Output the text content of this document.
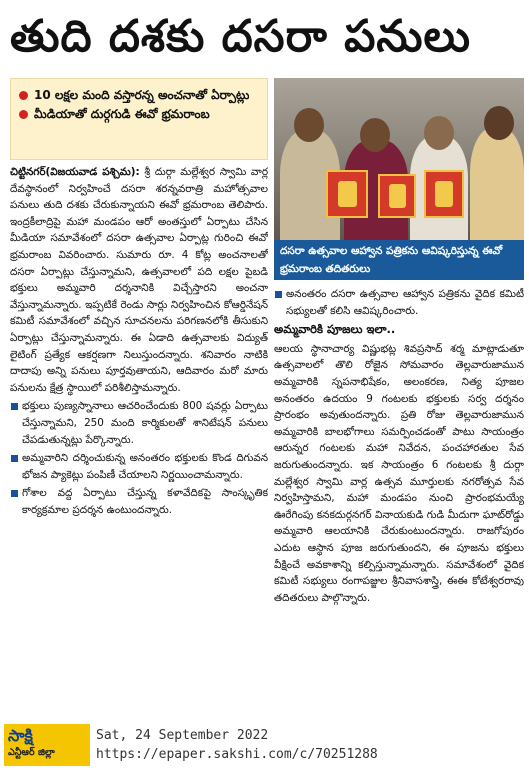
తుది దశకు దసరా పనులు
10 లక్షల మంది వస్తారన్న అంచనాతో ఏర్పాట్లు
మీడియాతో దుర్గగుడి ఈవో భ్రమరాంబ

చిట్టినగర్(విజయవాడ పశ్చిమ): శ్రీ దుర్గా మల్లేశ్వర స్వామి వార్ల దేవస్థానంలో నిర్వహించే దసరా శరన్నవరాత్రి మహోత్సవాల పనులు తుది దశకు చేరుకున్నాయని ఈవో భ్రమరాంబ తెలిపారు. ఇంద్రకీలాద్రిపై మహా మండపం ఆరో అంతస్తులో ఏర్పాటు చేసిన మీడియా సమావేశంలో దసరా ఉత్సవాల ఏర్పాట్ల గురించి ఈవో భ్రమరాంబ వివరించారు. సుమారు రూ. 4 కోట్ల అంచనాలతో దసరా ఏర్పాట్లు చేస్తున్నామని, ఉత్సవాలలో పది లక్షల పైబడి భక్తులు అమ్మవారి దర్శనానికి విచ్చేస్తారని అంచనా వేస్తున్నామన్నారు. ఇప్పటికే రెండు సార్లు నిర్వహించిన కోఆర్డినేషన్ కమిటీ సమావేశంలో వచ్చిన సూచనలను పరిగణనలోకి తీసుకుని ఏర్పాట్లు చేస్తున్నామన్నారు. ఈ ఏడాది ఉత్సవాలకు విద్యుత్ లైటింగ్ ప్రత్యేక ఆకర్షణగా నిలుస్తుందన్నారు. శనివారం నాటికి దాదాపు అన్ని పనులు పూర్తవుతాయని, ఆదివారం మరో మారు పనులను క్షేత్ర స్థాయిలో పరిశీలిస్తామన్నారు.

భక్తులు పుణ్యస్నానాలు ఆచరించేందుకు 800 షవర్లు ఏర్పాటు చేస్తున్నామని, 250 మంది కార్మికులతో శానిటేషన్ పనులు చేపడుతున్నట్లు పేర్కొన్నారు.

అమ్మవారిని దర్శించుకున్న అనంతరం భక్తులకు కొండ దిగువన భోజన ప్యాకెట్లు పంపిణీ చేయాలని నిర్ణయించామన్నారు.

గోశాల వద్ద ఏర్పాటు చేస్తున్న కళావేదికపై సాంస్కృతిక కార్యక్రమాల ప్రదర్శన ఉంటుందన్నారు.

దసరా ఉత్సవాల ఆహ్వాన పత్రికను ఆవిష్కరిస్తున్న ఈవో భ్రమరాంబ తదితరులు

అనంతరం దసరా ఉత్సవాల ఆహ్వాన పత్రికను వైదిక కమిటీ సభ్యులతో కలిసి ఆవిష్కరించారు.

అమ్మవారికి పూజలు ఇలా..

ఆలయ స్థానాచార్య విష్ణుభట్ల శివప్రసాద్ శర్మ మాట్లాడుతూ ఉత్సవాలలో తొలి రోజైన సోమవారం తెల్లవారుజామున అమ్మవారికి స్నపనాభిషేకం, అలంకరణ, నిత్య పూజల అనంతరం ఉదయం 9 గంటలకు భక్తులకు సర్వ దర్శనం ప్రారంభం అవుతుందన్నారు. ప్రతి రోజు తెల్లవారుజామున అమ్మవారికి బాలభోగాలు సమర్పించడంతో పాటు సాయంత్రం ఆరున్నర గంటలకు మహా నివేదన, పంచహారతుల సేవ జరుగుతుందన్నారు. ఇక సాయంత్రం 6 గంటలకు శ్రీ దుర్గా మల్లేశ్వర స్వామి వార్ల ఉత్సవ మూర్తులకు నగరోత్సవ సేవ నిర్వహిస్తామని, మహా మండపం నుంచి ప్రారంభమయ్యే ఊరేగింపు కనకదుర్గనగర్ వినాయకుడి గుడి మీదుగా ఘాట్‌రోడ్డు అమ్మవారి ఆలయానికి చేరుకుంటుందన్నారు. రాజగోపురం ఎదుట ఆస్థాన పూజ జరుగుతుందని, ఈ పూజను భక్తులు వీక్షించే అవకాశాన్ని కల్పిస్తున్నామన్నారు. సమావేశంలో వైదిక కమిటీ సభ్యులు రంగాపజ్జుల శ్రీనివాసశాస్త్రి, ఈఈ కోటేశ్వరరావు తదితరులు పాల్గొన్నారు.

సాక్షి
ఎన్టీఆర్ జిల్లా
Sat, 24 September 2022
https://epaper.sakshi.com/c/70251288
